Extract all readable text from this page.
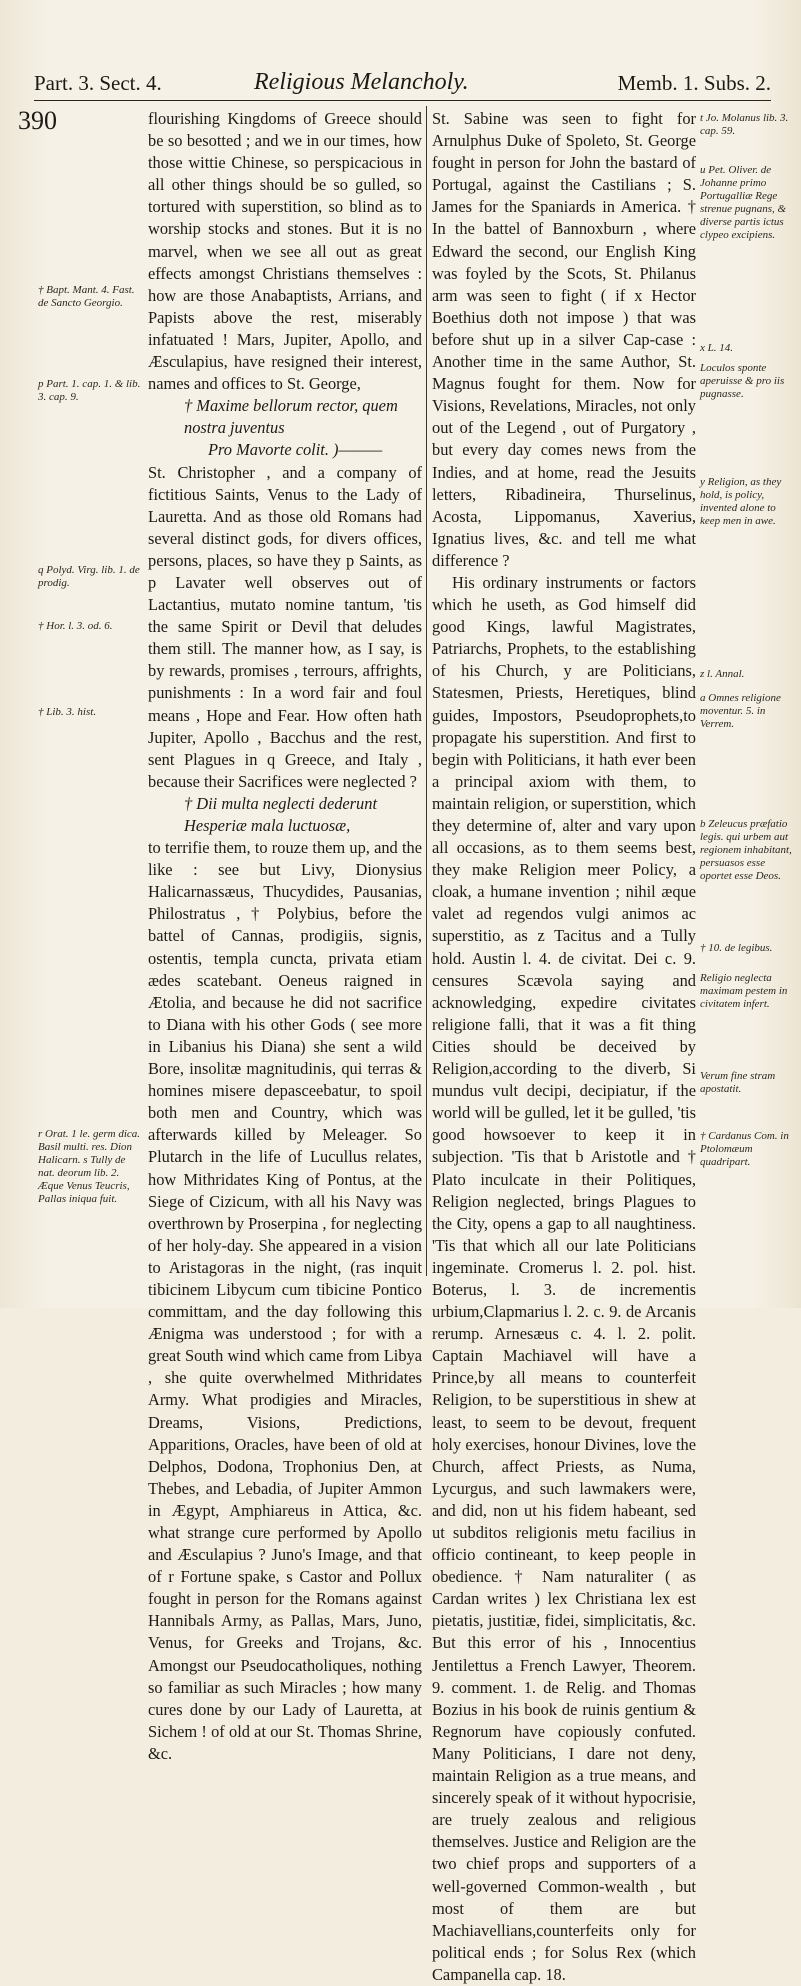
Part. 3. Sect. 4.	Religious Melancholy.	Memb. 1. Subs. 2.
390
† Bapt. Mant. 4. Fast. de Sancto Georgio.
p Part. 1. cap. 1. & lib. 3. cap. 9.
q Polyd. Virg. lib. 1. de prodig.
† Hor. l. 3. od. 6.
† Lib. 3. hist.
r Orat. 1 le. germ dica. Basil multi. res. Dion Halicarn. s Tully de nat. deorum lib. 2. Æque Venus Teucris, Pallas iniqua fuit.

flourishing Kingdoms of Greece should be so besotted ; and we in our times, how those wittie Chinese, so perspicacious in all other things should be so gulled, so tortured with superstition, so blind as to worship stocks and stones. But it is no marvel, when we see all out as great effects amongst Christians themselves : how are those Anabaptists, Arrians, and Papists above the rest, miserably infatuated ! Mars, Jupiter, Apollo, and Æsculapius, have resigned their interest, names and offices to St. George,

† Maxime bellorum rector, quem nostra juventus

Pro Mavorte colit. )———

St. Christopher , and a company of fictitious Saints, Venus to the Lady of Lauretta. And as those old Romans had several distinct gods, for divers offices, persons, places, so have they p Saints, as p Lavater well observes out of Lactantius, mutato nomine tantum, 'tis the same Spirit or Devil that deludes them still. The manner how, as I say, is by rewards, promises , terrours, affrights, punishments : In a word fair and foul means , Hope and Fear. How often hath Jupiter, Apollo , Bacchus and the rest, sent Plagues in q Greece, and Italy , because their Sacrifices were neglected ?

† Dii multa neglecti dederunt Hesperiæ mala luctuosæ,

to terrifie them, to rouze them up, and the like : see but Livy, Dionysius Halicarnassæus, Thucydides, Pausanias, Philostratus , † Polybius, before the battel of Cannas, prodigiis, signis, ostentis, templa cuncta, privata etiam ædes scatebant. Oeneus raigned in Ætolia, and because he did not sacrifice to Diana with his other Gods ( see more in Libanius his Diana) she sent a wild Bore, insolitæ magnitudinis, qui terras & homines misere depasceebatur, to spoil both men and Country, which was afterwards killed by Meleager. So Plutarch in the life of Lucullus relates, how Mithridates King of Pontus, at the Siege of Cizicum, with all his Navy was overthrown by Proserpina , for neglecting of her holy-day. She appeared in a vision to Aristagoras in the night, (ras inquit tibicinem Libycum cum tibicine Pontico committam, and the day following this Ænigma was understood ; for with a great South wind which came from Libya , she quite overwhelmed Mithridates Army. What prodigies and Miracles, Dreams, Visions, Predictions, Apparitions, Oracles, have been of old at Delphos, Dodona, Trophonius Den, at Thebes, and Lebadia, of Jupiter Ammon in Ægypt, Amphiareus in Attica, &c. what strange cure performed by Apollo and Æsculapius ? Juno's Image, and that of r Fortune spake, s Castor and Pollux fought in person for the Romans against Hannibals Army, as Pallas, Mars, Juno, Venus, for Greeks and Trojans, &c. Amongst our Pseudocatholiques, nothing so familiar as such Miracles ; how many cures done by our Lady of Lauretta, at Sichem ! of old at our St. Thomas Shrine, &c.

St. Sabine was seen to fight for Arnulphus Duke of Spoleto, St. George fought in person for John the bastard of Portugal, against the Castilians ; S. James for the Spaniards in America. † In the battel of Bannoxburn , where Edward the second, our English King was foyled by the Scots, St. Philanus arm was seen to fight ( if x Hector Boethius doth not impose ) that was before shut up in a silver Cap-case : Another time in the same Author, St. Magnus fought for them. Now for Visions, Revelations, Miracles, not only out of the Legend , out of Purgatory , but every day comes news from the Indies, and at home, read the Jesuits letters, Ribadineira, Thurselinus, Acosta, Lippomanus, Xaverius, Ignatius lives, &c. and tell me what difference ?

His ordinary instruments or factors which he useth, as God himself did good Kings, lawful Magistrates, Patriarchs, Prophets, to the establishing of his Church, y are Politicians, Statesmen, Priests, Heretiques, blind guides, Impostors, Pseudoprophets,to propagate his superstition. And first to begin with Politicians, it hath ever been a principal axiom with them, to maintain religion, or superstition, which they determine of, alter and vary upon all occasions, as to them seems best, they make Religion meer Policy, a cloak, a humane invention ; nihil æque valet ad regendos vulgi animos ac superstitio, as z Tacitus and a Tully hold. Austin l. 4. de civitat. Dei c. 9. censures Scævola saying and acknowledging, expedire civitates religione falli, that it was a fit thing Cities should be deceived by Religion,according to the diverb, Si mundus vult decipi, decipiatur, if the world will be gulled, let it be gulled, 'tis good howsoever to keep it in subjection. 'Tis that b Aristotle and † Plato inculcate in their Politiques, Religion neglected, brings Plagues to the City, opens a gap to all naughtiness. 'Tis that which all our late Politicians ingeminate. Cromerus l. 2. pol. hist. Boterus, l. 3. de incrementis urbium,Clapmarius l. 2. c. 9. de Arcanis rerump. Arnesæus c. 4. l. 2. polit. Captain Machiavel will have a Prince,by all means to counterfeit Religion, to be superstitious in shew at least, to seem to be devout, frequent holy exercises, honour Divines, love the Church, affect Priests, as Numa, Lycurgus, and such lawmakers were, and did, non ut his fidem habeant, sed ut subditos religionis metu facilius in officio contineant, to keep people in obedience. † Nam naturaliter ( as Cardan writes ) lex Christiana lex est pietatis, justitiæ, fidei, simplicitatis, &c. But this error of his , Innocentius Jentilettus a French Lawyer, Theorem. 9. comment. 1. de Relig. and Thomas Bozius in his book de ruinis gentium & Regnorum have copiously confuted. Many Politicians, I dare not deny, maintain Religion as a true means, and sincerely speak of it without hypocrisie, are truely zealous and religious themselves. Justice and Religion are the two chief props and supporters of a well-governed Common-wealth , but most of them are but Machiavellians,counterfeits only for political ends ; for Solus Rex (which Campanella cap. 18.

t Jo. Molanus lib. 3. cap. 59.
u Pet. Oliver. de Johanne primo Portugalliæ Rege strenue pugnans, & diverse partis ictus clypeo excipiens.
x L. 14.
Loculos sponte aperuisse & pro iis pugnasse.
y Religion, as they hold, is policy, invented alone to keep men in awe.
z l. Annal.
a Omnes religione moventur. 5. in Verrem.
b Zeleucus præfatio legis. qui urbem aut regionem inhabitant, persuasos esse oportet esse Deos.
† 10. de legibus.
Religio neglecta maximam pestem in civitatem infert.
Verum fine stram apostatit.
† Cardanus Com. in Ptolomæum quadripart.
